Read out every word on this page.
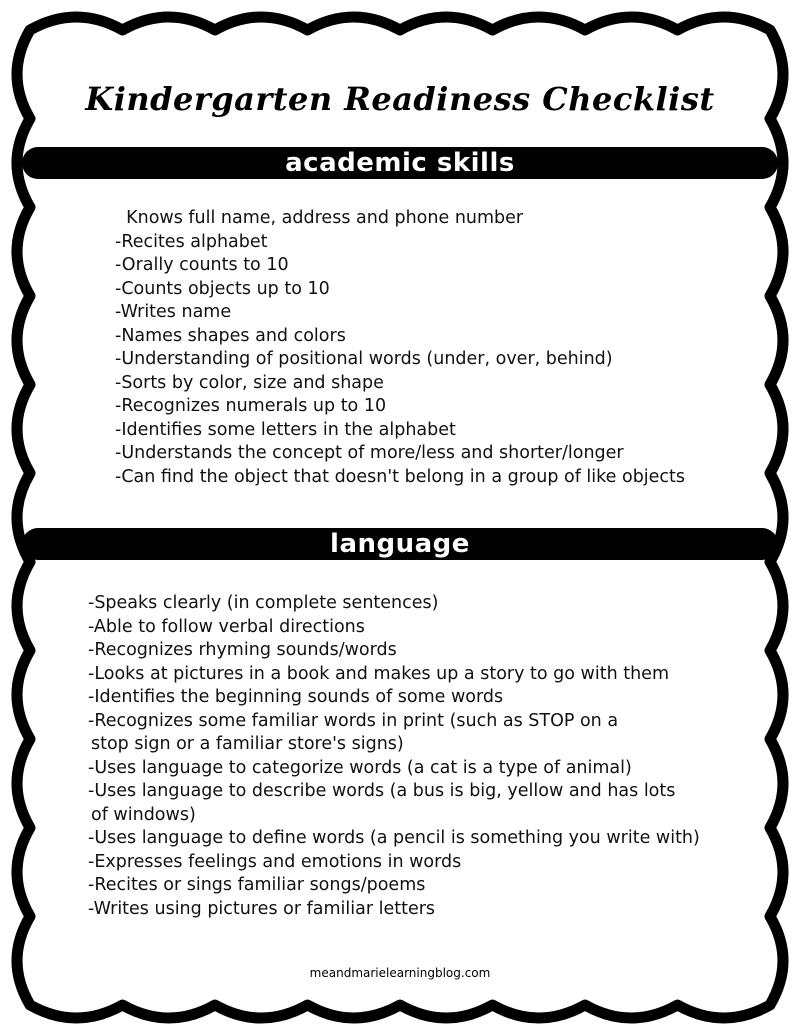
Kindergarten Readiness Checklist
academic skills
Knows full name, address and phone number
-Recites alphabet
-Orally counts to 10
-Counts objects up to 10
-Writes name
-Names shapes and colors
-Understanding of positional words (under, over, behind)
-Sorts by color, size and shape
-Recognizes numerals up to 10
-Identifies some letters in the alphabet
-Understands the concept of more/less and shorter/longer
-Can find the object that doesn't belong in a group of like objects
language
-Speaks clearly (in complete sentences)
-Able to follow verbal directions
-Recognizes rhyming sounds/words
-Looks at pictures in a book and makes up a story to go with them
-Identifies the beginning sounds of some words
-Recognizes some familiar words in print (such as STOP on a
stop sign or a familiar store's signs)
-Uses language to categorize words (a cat is a type of animal)
-Uses language to describe words (a bus is big, yellow and has lots
of windows)
-Uses language to define words (a pencil is something you write with)
-Expresses feelings and emotions in words
-Recites or sings familiar songs/poems
-Writes using pictures or familiar letters
meandmarielearningblog.com
